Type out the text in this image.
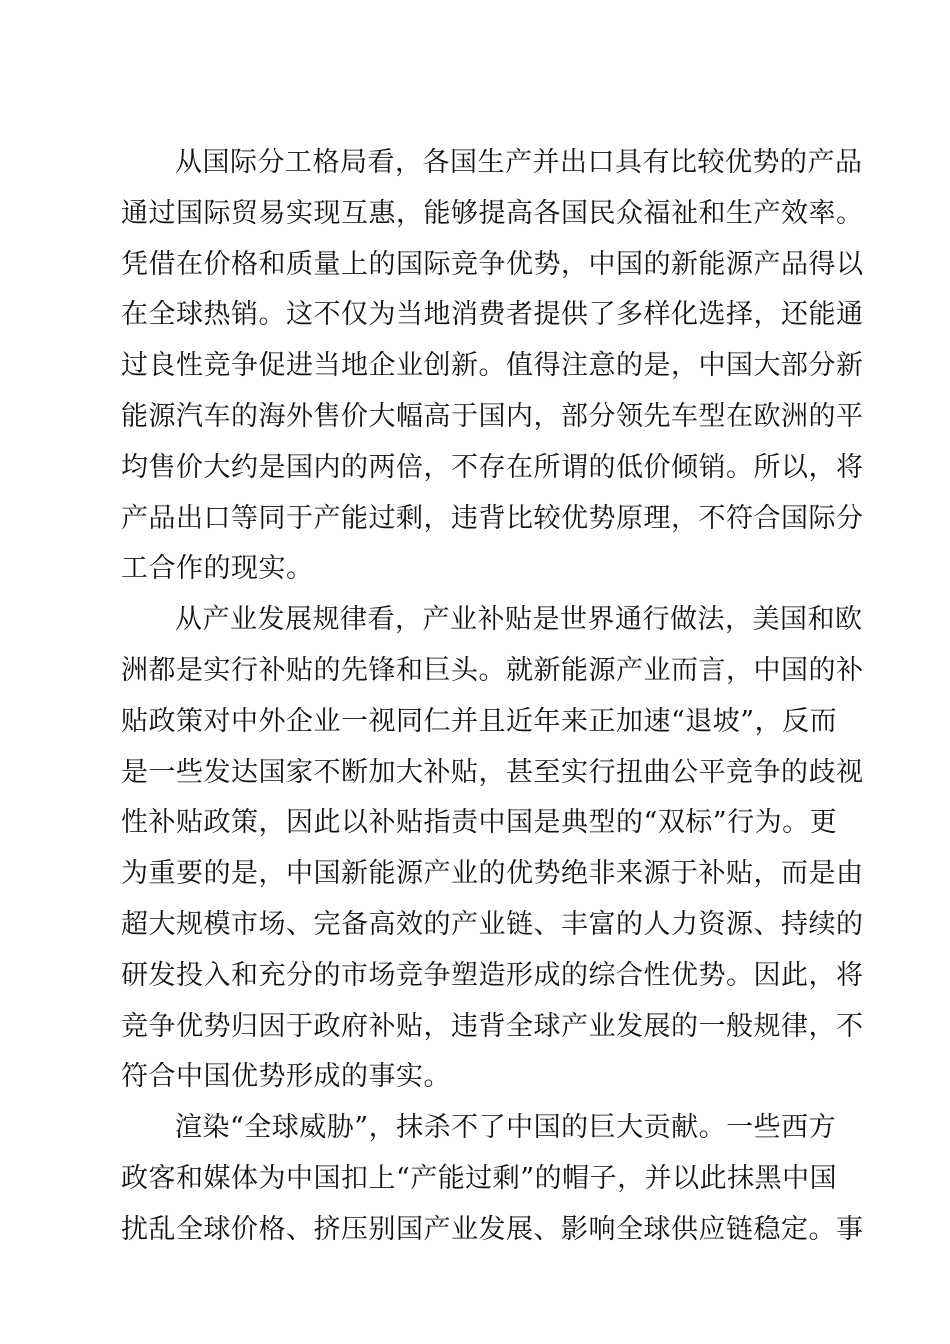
从国际分工格局看，各国生产并出口具有比较优势的产品
通过国际贸易实现互惠，能够提高各国民众福祉和生产效率。
凭借在价格和质量上的国际竞争优势，中国的新能源产品得以
在全球热销。这不仅为当地消费者提供了多样化选择，还能通
过良性竞争促进当地企业创新。值得注意的是，中国大部分新
能源汽车的海外售价大幅高于国内，部分领先车型在欧洲的平
均售价大约是国内的两倍，不存在所谓的低价倾销。所以，将
产品出口等同于产能过剩，违背比较优势原理，不符合国际分
工合作的现实。
从产业发展规律看，产业补贴是世界通行做法，美国和欧
洲都是实行补贴的先锋和巨头。就新能源产业而言，中国的补
贴政策对中外企业一视同仁并且近年来正加速“退坡”，反而
是一些发达国家不断加大补贴，甚至实行扭曲公平竞争的歧视
性补贴政策，因此以补贴指责中国是典型的“双标”行为。更
为重要的是，中国新能源产业的优势绝非来源于补贴，而是由
超大规模市场、完备高效的产业链、丰富的人力资源、持续的
研发投入和充分的市场竞争塑造形成的综合性优势。因此，将
竞争优势归因于政府补贴，违背全球产业发展的一般规律，不
符合中国优势形成的事实。
渲染“全球威胁”，抹杀不了中国的巨大贡献。一些西方
政客和媒体为中国扣上“产能过剩”的帽子，并以此抹黑中国
扰乱全球价格、挤压别国产业发展、影响全球供应链稳定。事
